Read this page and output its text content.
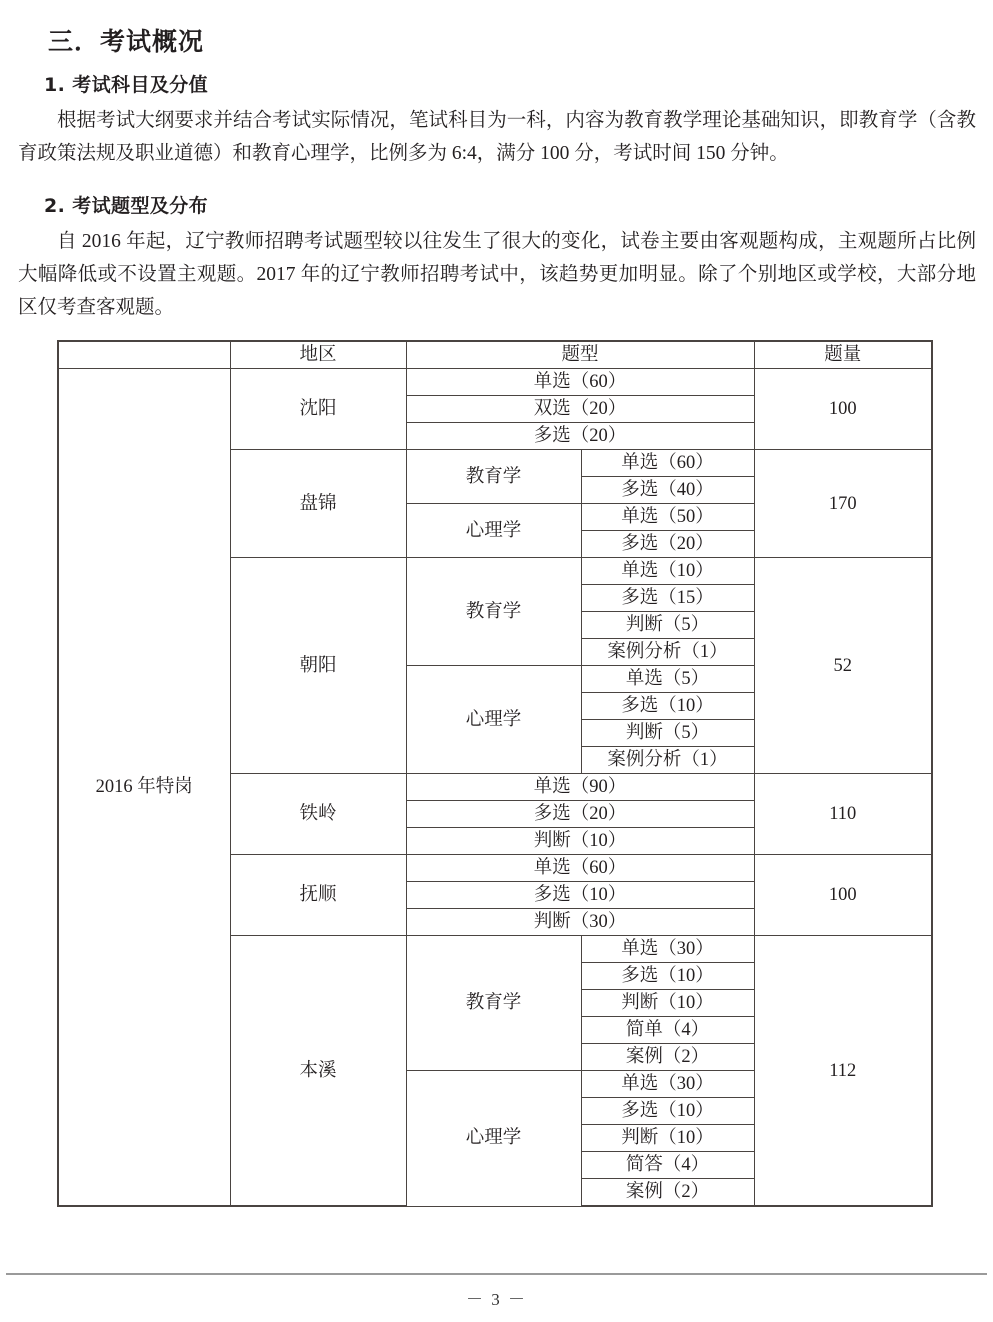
三．考试概况
1. 考试科目及分值
根据考试大纲要求并结合考试实际情况，笔试科目为一科，内容为教育教学理论基础知识，即教育学（含教育政策法规及职业道德）和教育心理学，比例多为 6:4，满分 100 分，考试时间 150 分钟。
2. 考试题型及分布
自 2016 年起，辽宁教师招聘考试题型较以往发生了很大的变化，试卷主要由客观题构成，主观题所占比例大幅降低或不设置主观题。2017 年的辽宁教师招聘考试中，该趋势更加明显。除了个别地区或学校，大部分地区仅考查客观题。
	地区	题型		题量
2016 年特岗	沈阳	单选（60）		100
		双选（20）		
		多选（20）		
	盘锦	教育学	单选（60）	170
			多选（40）	
		心理学	单选（50）	
			多选（20）	
	朝阳	教育学	单选（10）	52
			多选（15）	
			判断（5）	
			案例分析（1）	
		心理学	单选（5）	
			多选（10）	
			判断（5）	
			案例分析（1）	
	铁岭	单选（90）		110
		多选（20）		
		判断（10）		
	抚顺	单选（60）		100
		多选（10）		
		判断（30）		
	本溪	教育学	单选（30）	112
			多选（10）	
			判断（10）	
			简单（4）	
			案例（2）	
		心理学	单选（30）	
			多选（10）	
			判断（10）	
			简答（4）	
			案例（2）	
－ 3 －
